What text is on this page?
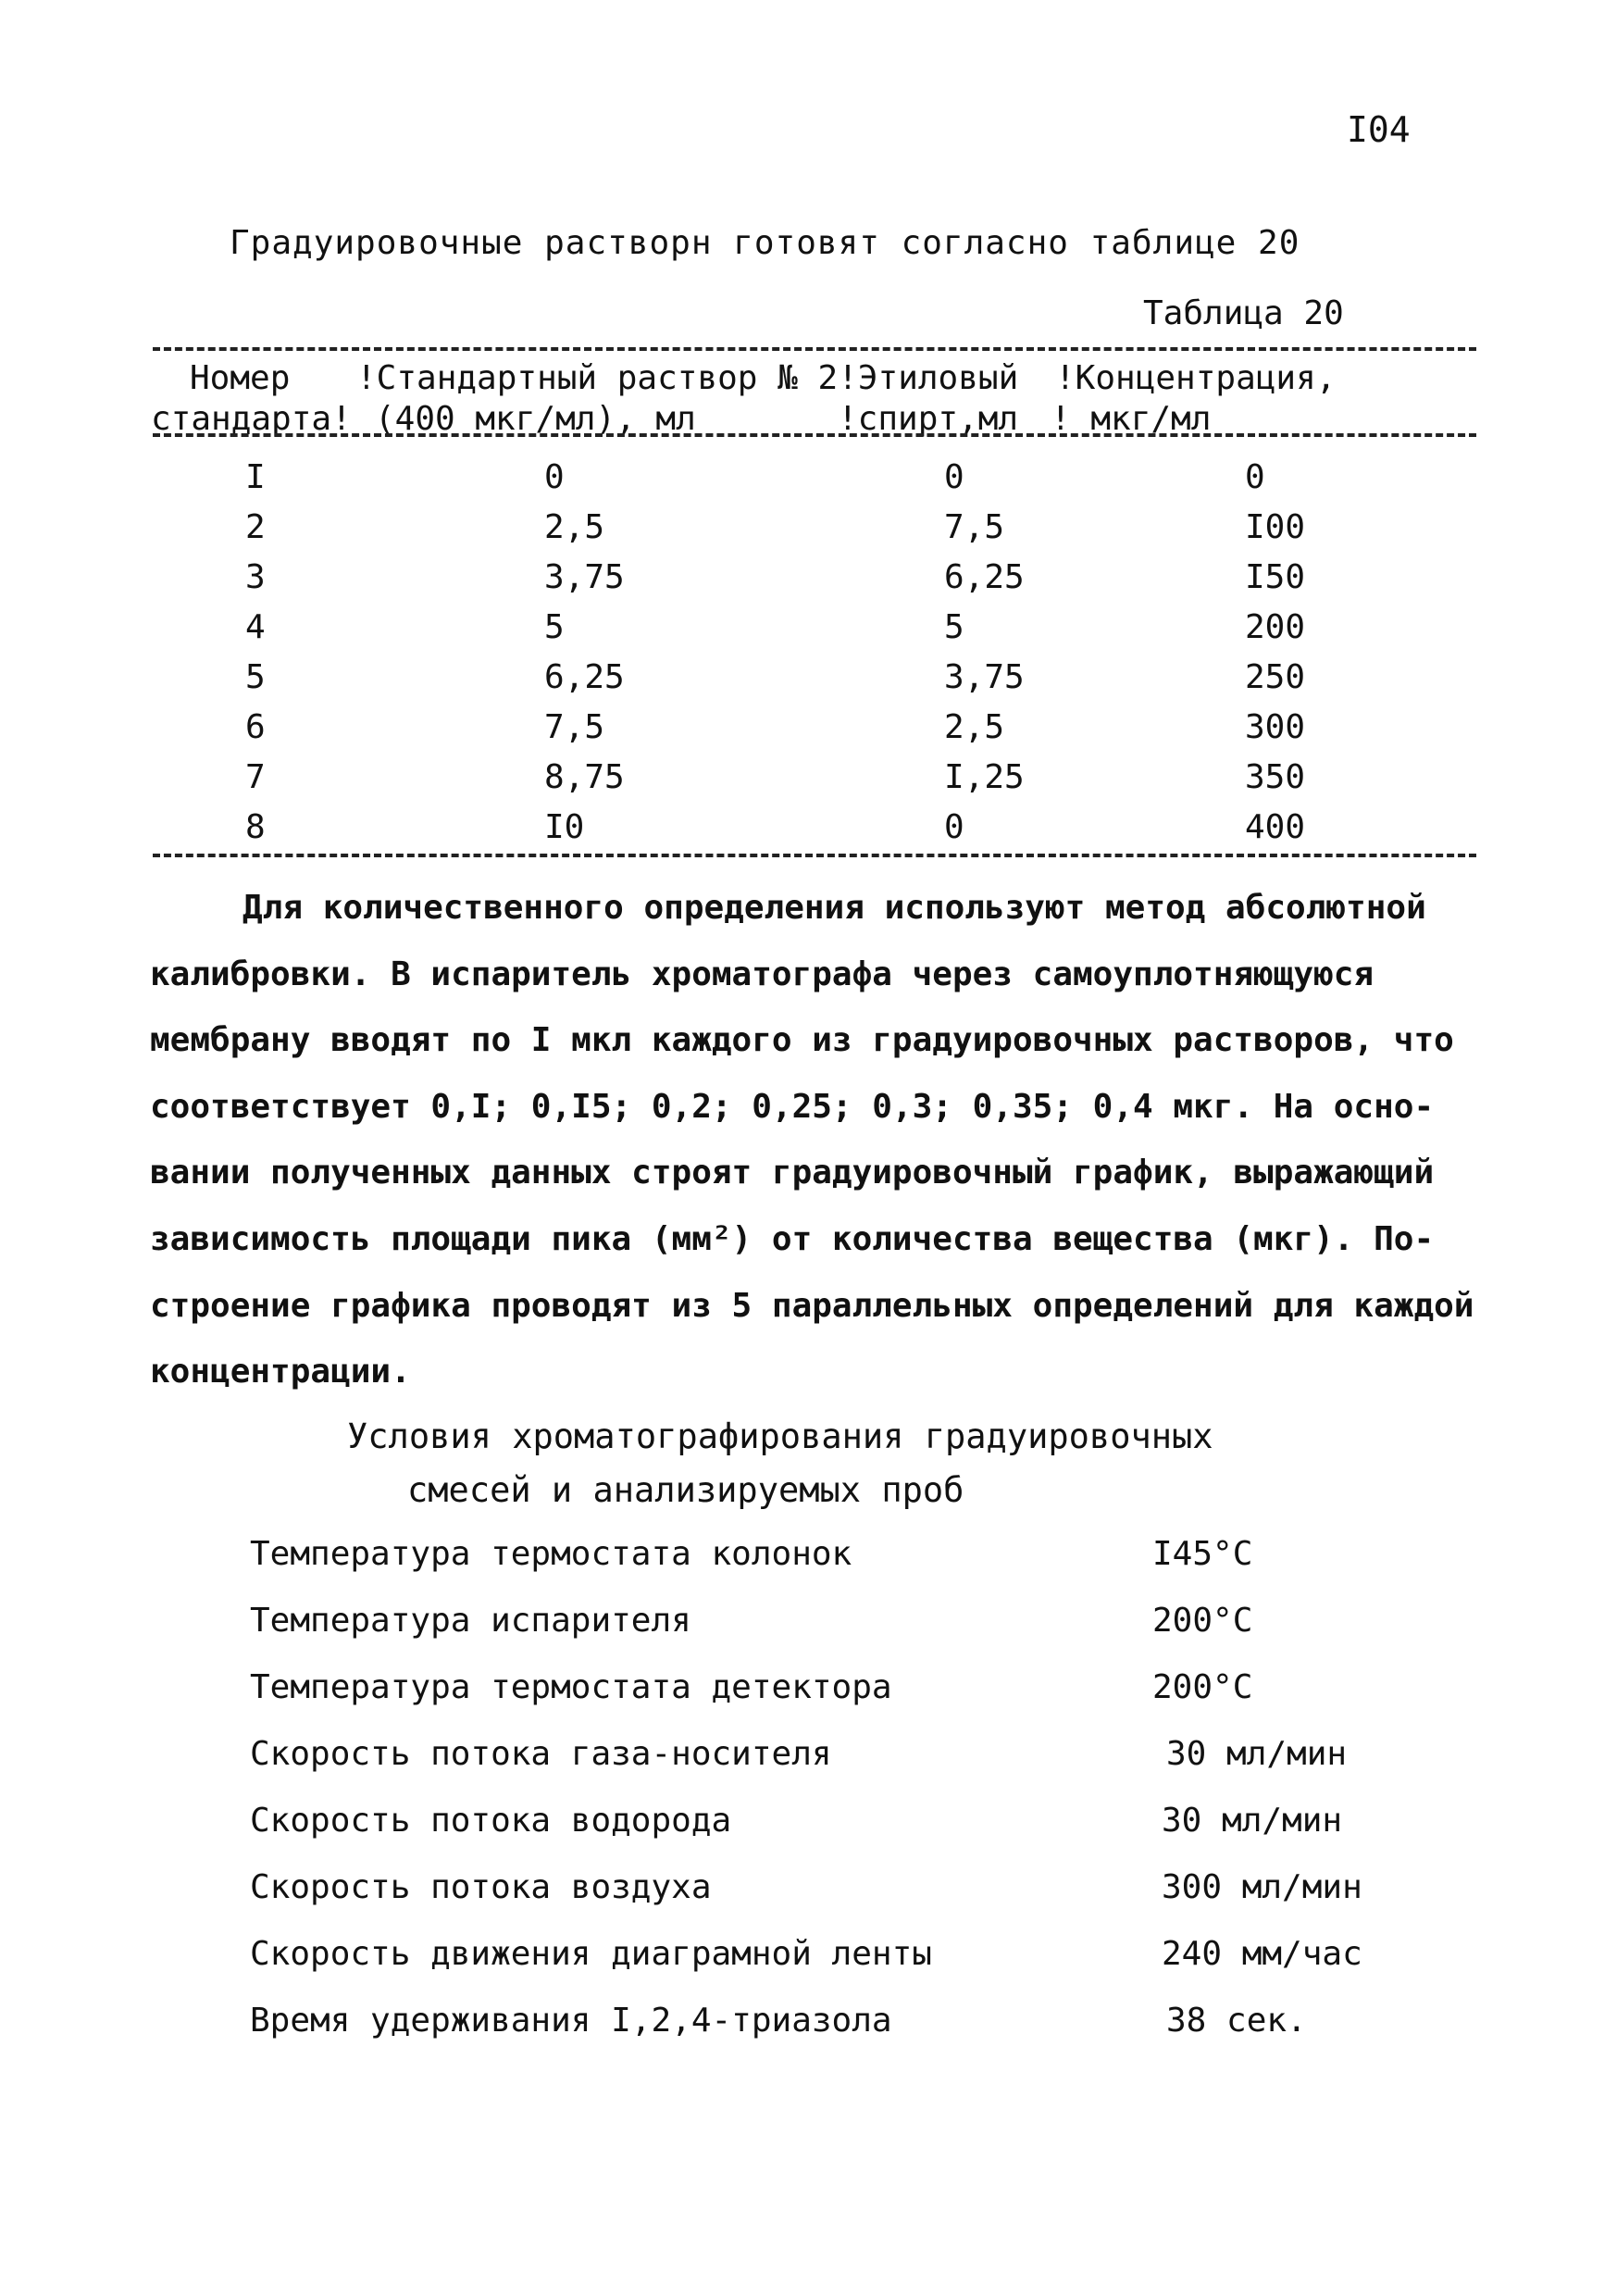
I04
Градуировочные растворн готовят согласно таблице 20
Таблица 20
Номер !Стандартный раствор № 2!Этиловый !Концентрация,
стандарта! (400 мкг/мл), мл	!спирт,мл ! мкг/мл
I	0	0	0
2	2,5	7,5	I00
3	3,75	6,25	I50
4	5	5	200
5	6,25	3,75	250
6	7,5	2,5	300
7	8,75	I,25	350
8	I0	0	400
Для количественного определения используют метод абсолютной
калибровки. В испаритель хроматографа через самоуплотняющуюся
мембрану вводят по I мкл каждого из градуировочных растворов, что
соответствует 0,I; 0,I5; 0,2; 0,25; 0,3; 0,35; 0,4 мкг. На осно-
вании полученных данных строят градуировочный график, выражающий
зависимость площади пика (мм²) от количества вещества (мкг). По-
строение графика проводят из 5 параллельных определений для каждой
концентрации.
Условия хроматографирования градуировочных
смесей и анализируемых проб
Температура термостата колонок	I45°C
Температура испарителя	200°C
Температура термостата детектора	200°C
Скорость потока газа-носителя	30 мл/мин
Скорость потока водорода	30 мл/мин
Скорость потока воздуха	300 мл/мин
Скорость движения диаграмной ленты	240 мм/час
Время удерживания I,2,4-триазола	38 сек.
